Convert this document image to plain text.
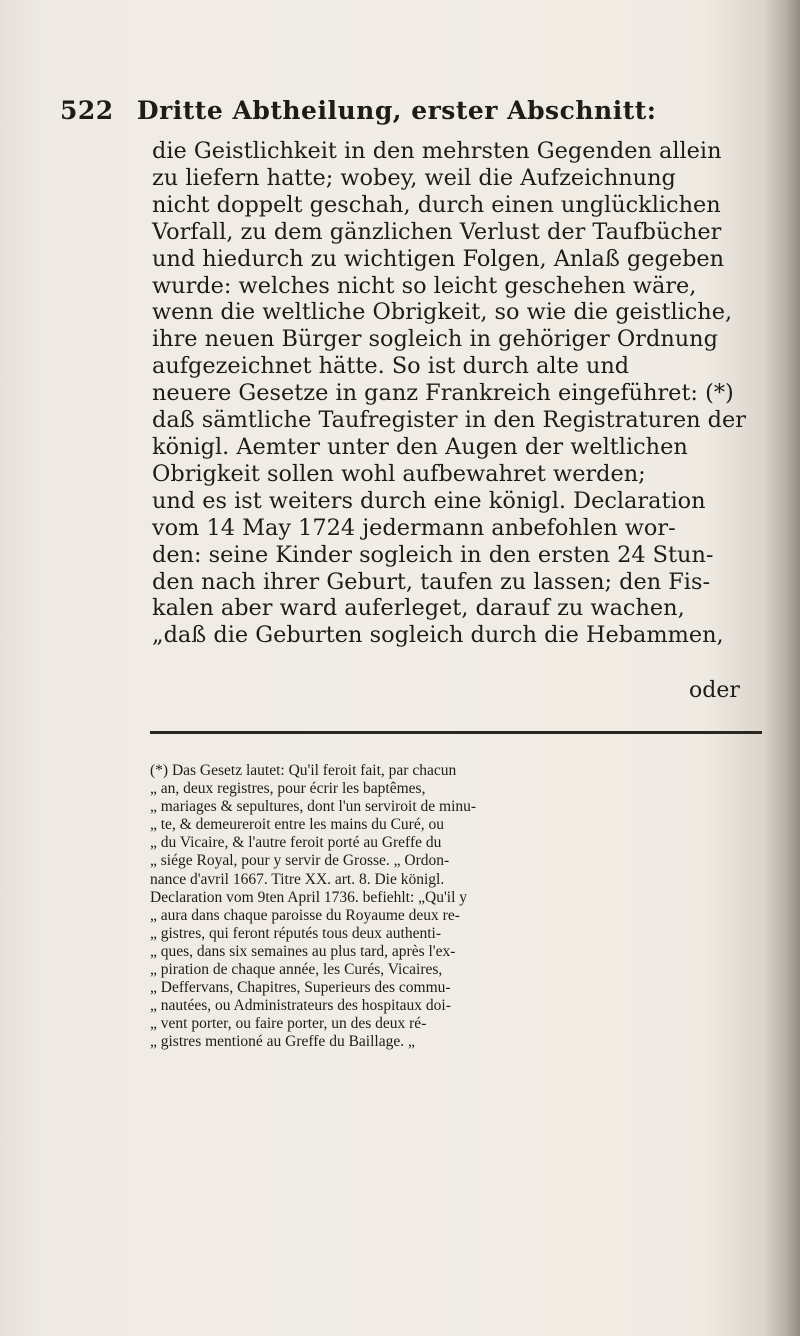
522 Dritte Abtheilung, erster Abschnitt:
die Geistlichkeit in den mehrsten Gegenden allein
zu liefern hatte; wobey, weil die Aufzeichnung
nicht doppelt geschah, durch einen unglücklichen
Vorfall, zu dem gänzlichen Verlust der Taufbücher
und hiedurch zu wichtigen Folgen, Anlaß gegeben
wurde: welches nicht so leicht geschehen wäre,
wenn die weltliche Obrigkeit, so wie die geistliche,
ihre neuen Bürger sogleich in gehöriger Ordnung
aufgezeichnet hätte. So ist durch alte und
neuere Gesetze in ganz Frankreich eingeführet: (*)
daß sämtliche Taufregister in den Registraturen der
königl. Aemter unter den Augen der weltlichen
Obrigkeit sollen wohl aufbewahret werden;
und es ist weiters durch eine königl. Declaration
vom 14 May 1724 jedermann anbefohlen wor-
den: seine Kinder sogleich in den ersten 24 Stun-
den nach ihrer Geburt, taufen zu lassen; den Fis-
kalen aber ward auferleget, darauf zu wachen,
„daß die Geburten sogleich durch die Hebammen,
oder
(*) Das Gesetz lautet: Qu'il feroit fait, par chacun
„ an, deux registres, pour écrir les baptêmes,
„ mariages & sepultures, dont l'un serviroit de minu-
„ te, & demeureroit entre les mains du Curé, ou
„ du Vicaire, & l'autre feroit porté au Greffe du
„ siége Royal, pour y servir de Grosse. „ Ordon-
nance d'avril 1667. Titre XX. art. 8. Die königl.
Declaration vom 9ten April 1736. befiehlt: „Qu'il y
„ aura dans chaque paroisse du Royaume deux re-
„ gistres, qui feront réputés tous deux authenti-
„ ques, dans six semaines au plus tard, après l'ex-
„ piration de chaque année, les Curés, Vicaires,
„ Deffervans, Chapitres, Superieurs des commu-
„ nautées, ou Administrateurs des hospitaux doi-
„ vent porter, ou faire porter, un des deux ré-
„ gistres mentioné au Greffe du Baillage. „
